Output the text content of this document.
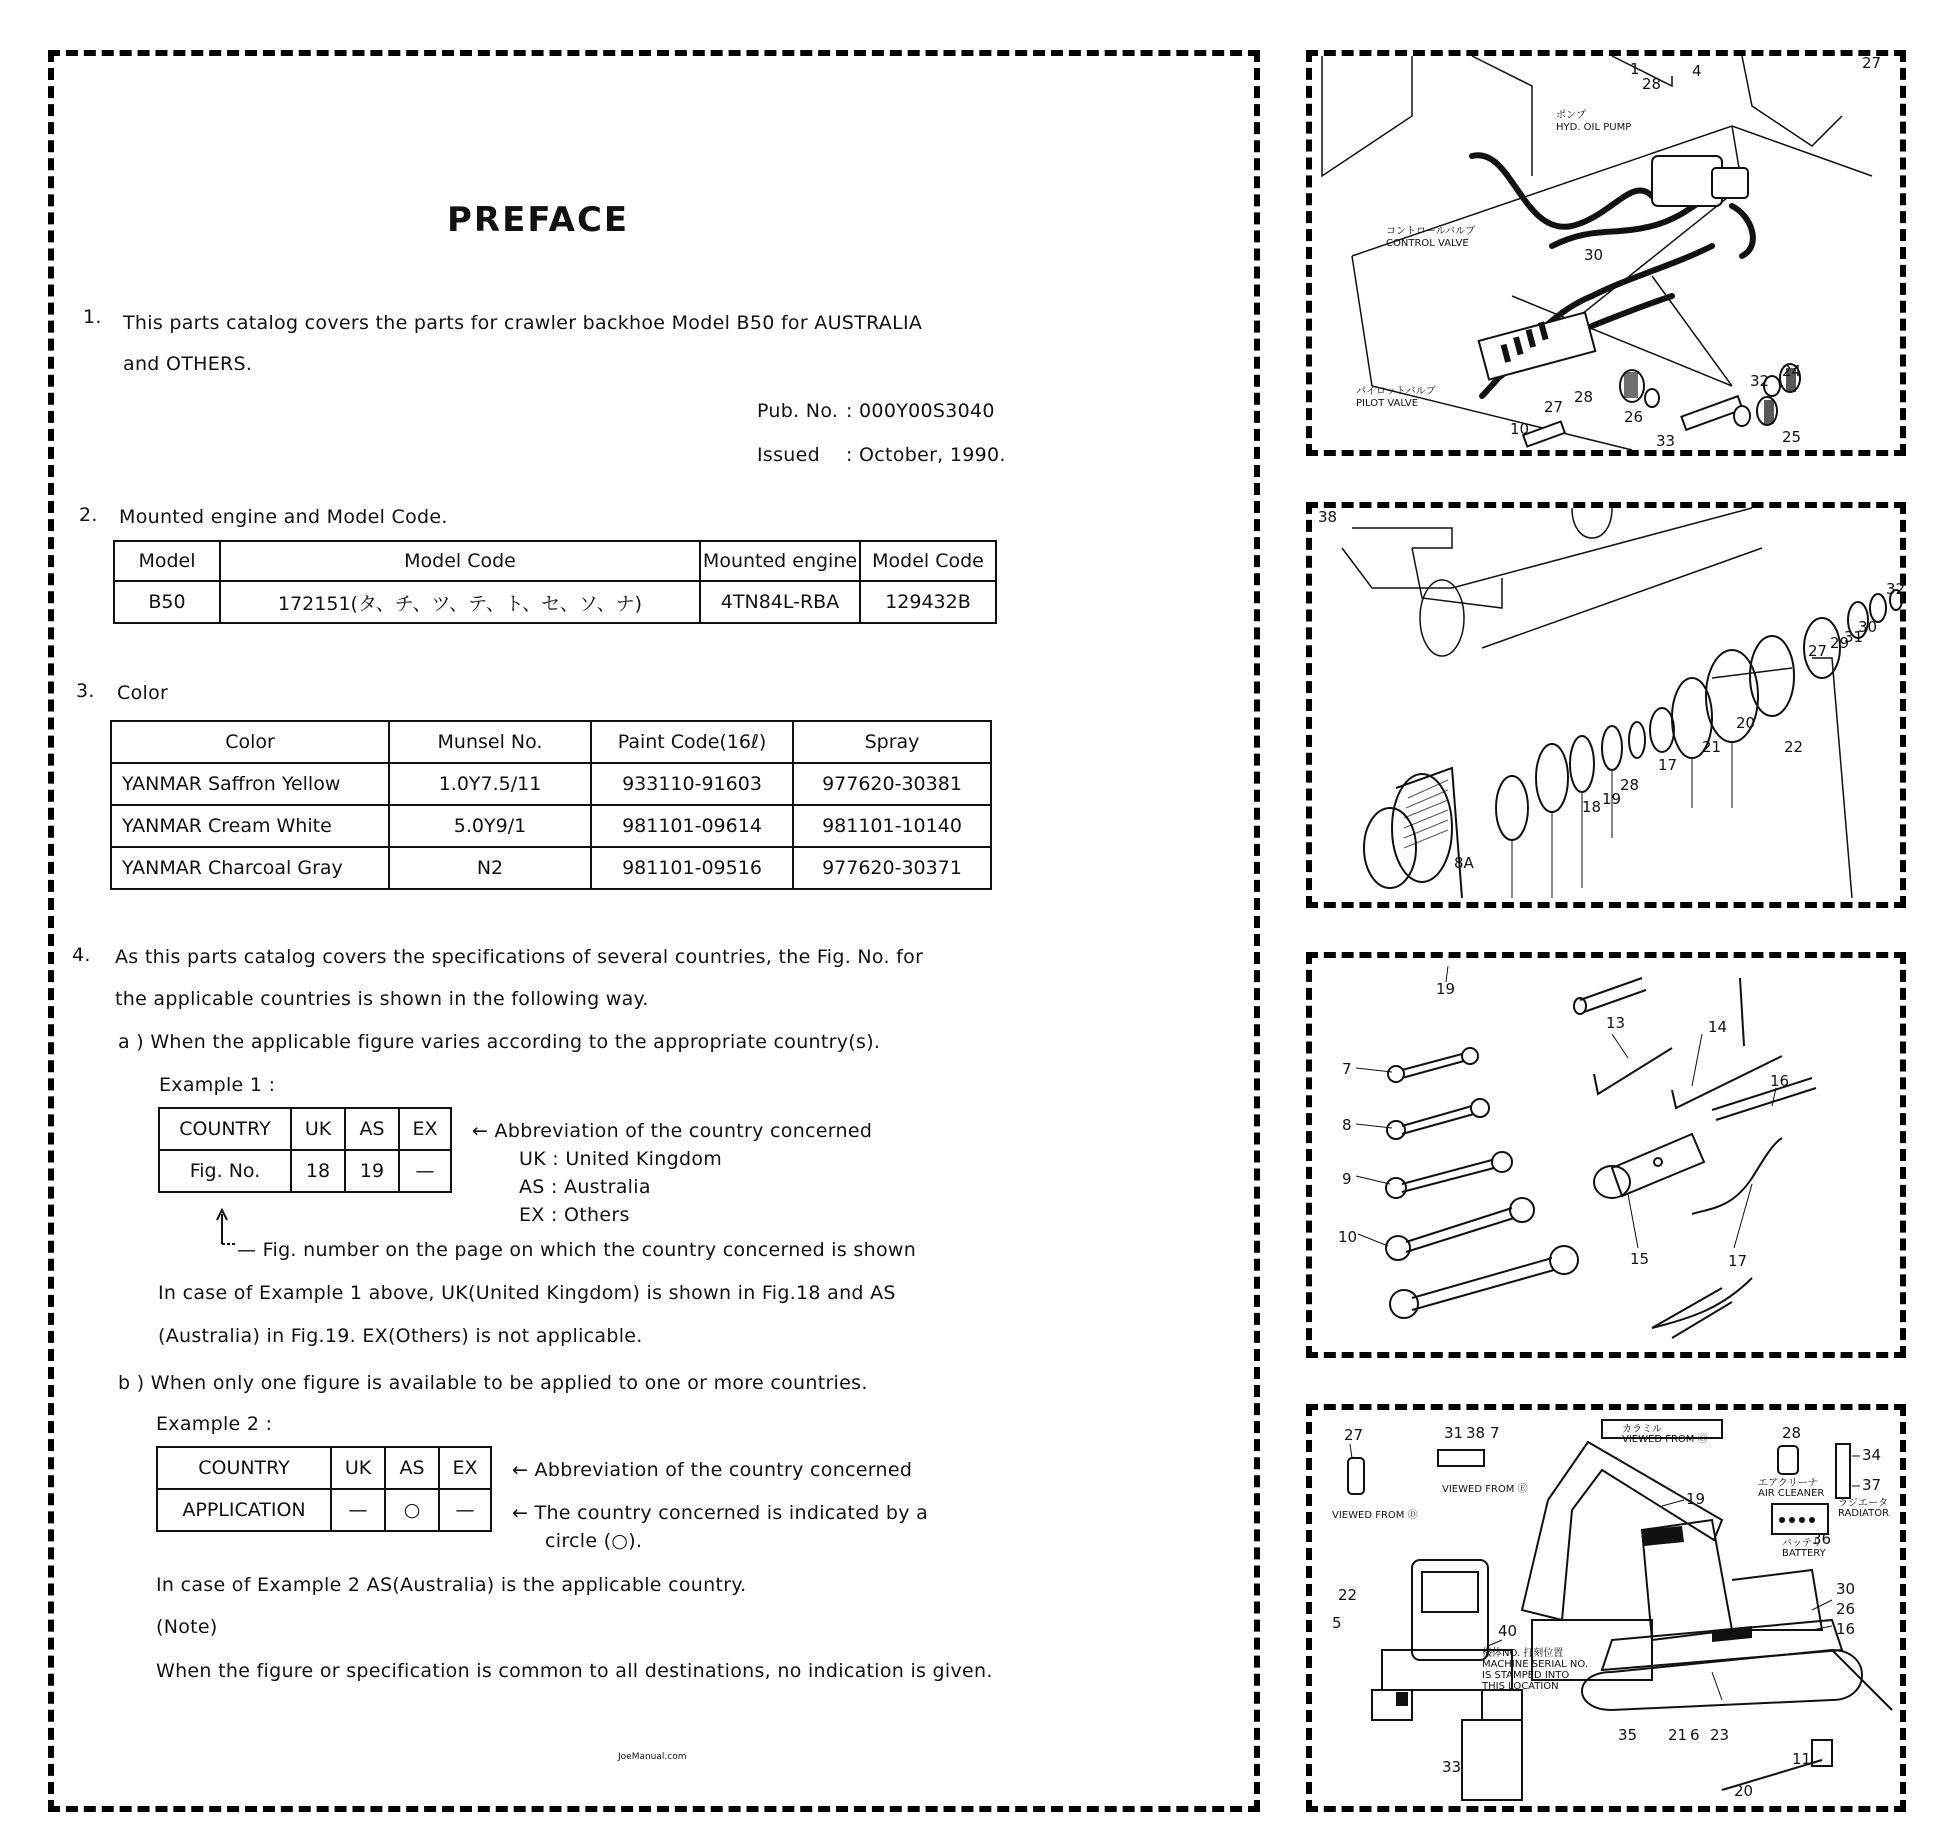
PREFACE
1. This parts catalog covers the parts for crawler backhoe Model B50 for AUSTRALIA
and OTHERS.
Pub. No. : 000Y00S3040
Issued : October, 1990.
2. Mounted engine and Model Code.
Model	Model Code	Mounted engine	Model Code
B50	172151(タ、チ、ツ、テ、ト、セ、ソ、ナ)	4TN84L-RBA	129432B
3. Color
Color	Munsel No.	Paint Code(16ℓ)	Spray
YANMAR Saffron Yellow	1.0Y7.5/11	933110-91603	977620-30381
YANMAR Cream White	5.0Y9/1	981101-09614	981101-10140
YANMAR Charcoal Gray	N2	981101-09516	977620-30371
4. As this parts catalog covers the specifications of several countries, the Fig. No. for
the applicable countries is shown in the following way.
a ) When the applicable figure varies according to the appropriate country(s).
Example 1 :
COUNTRY	UK	AS	EX
Fig. No.	18	19	—
← Abbreviation of the country concerned
UK : United Kingdom
AS : Australia
EX : Others
— Fig. number on the page on which the country concerned is shown
In case of Example 1 above, UK(United Kingdom) is shown in Fig.18 and AS
(Australia) in Fig.19. EX(Others) is not applicable.
b ) When only one figure is available to be applied to one or more countries.
Example 2 :
COUNTRY	UK	AS	EX
APPLICATION	—	○	—
← Abbreviation of the country concerned
← The country concerned is indicated by a
circle (○).
In case of Example 2 AS(Australia) is the applicable country.
(Note)
When the figure or specification is common to all destinations, no indication is given.
JoeManual.com
ポンプ
HYD. OIL PUMP
コントロールバルブ
CONTROL VALVE
パイロットバルブ
PILOT VALVE
1
28
4	27
30
32
24
26
33	25
27
28
10
38
32
30
31
29
27
20
22
21
17
28
19
18
8A
19
13	14
7
16
8
9
15	17
10
カラミル
VIEWED FROM Ⓒ
VIEWED FROM Ⓔ
VIEWED FROM Ⓓ
エアクリーナ
AIR CLEANER
ラジエータ
RADIATOR
バッテリ
BATTERY
機体NO. 打刻位置
MACHINE SERIAL NO.
IS STAMPED INTO
THIS LOCATION
27	31 38 7	28
34
37
19
36
30
26
16
22
5	40
35 21 6 23
11
33
20
